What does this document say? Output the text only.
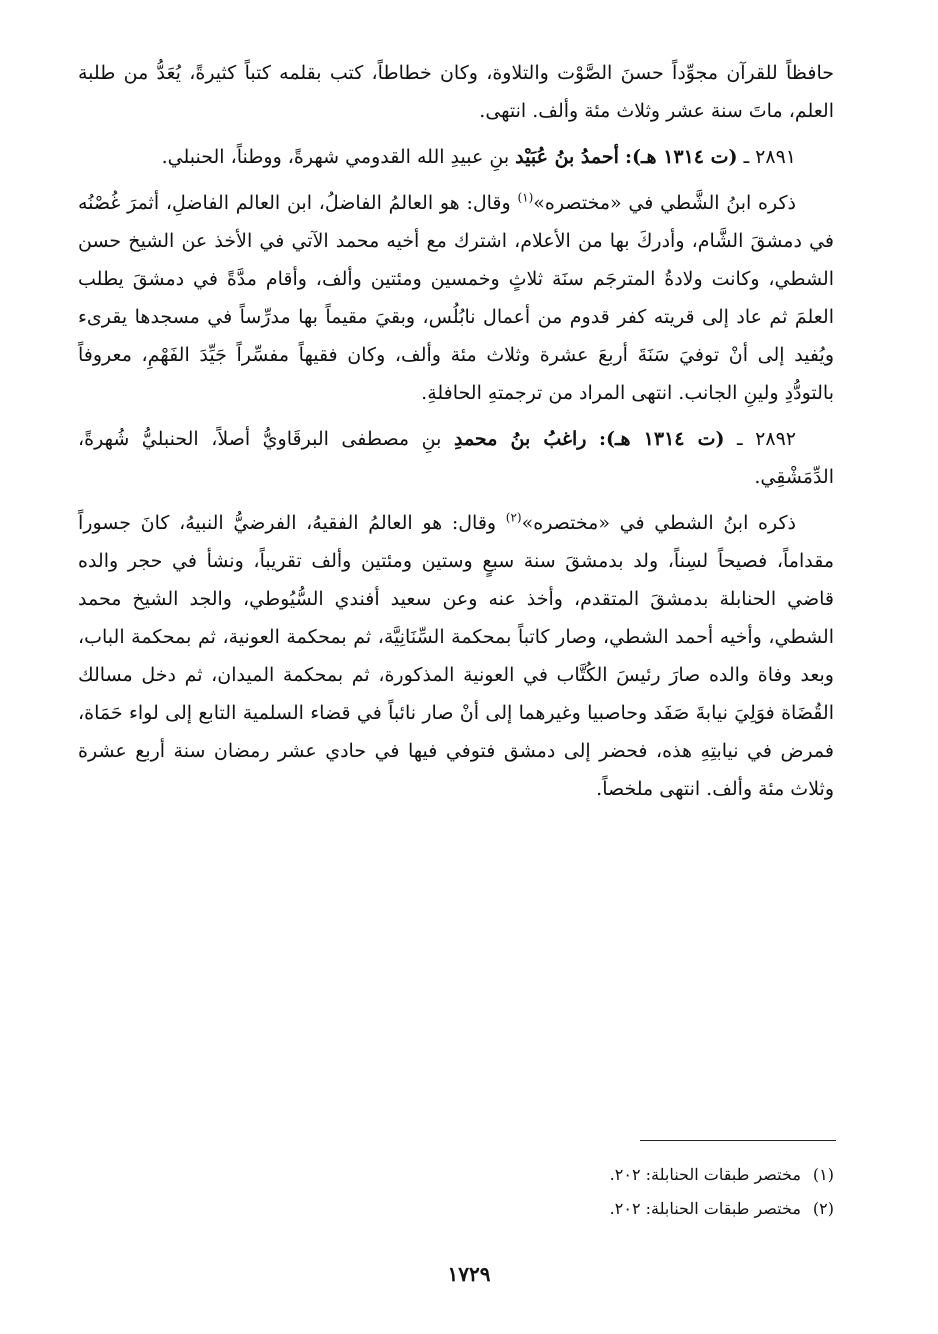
حافظاً للقرآن مجوِّداً حسنَ الصَّوْت والتلاوة، وكان خطاطاً، كتب بقلمه كتباً كثيرةً، يُعَدُّ من طلبة العلم، ماتَ سنة عشر وثلاث مئة وألف. انتهى.

٢٨٩١ ـ (ت ١٣١٤ هـ): أحمدُ بنُ عُبَيْد بنِ عبيدِ الله القدومي شهرةً، ووطناً، الحنبلي.

ذكره ابنُ الشَّطي في «مختصره»$^{(١)}$ وقال: هو العالمُ الفاضلُ، ابن العالم الفاضلِ، أثمرَ غُصْنُه في دمشقَ الشَّام، وأدركَ بها من الأعلام، اشترك مع أخيه محمد الآتي في الأخذ عن الشيخ حسن الشطي، وكانت ولادةُ المترجَم سنَة ثلاثٍ وخمسين ومئتين وألف، وأقام مدَّةً في دمشقَ يطلب العلمَ ثم عاد إلى قريته كفر قدوم من أعمال نابُلُس، وبقيَ مقيماً بها مدرِّساً في مسجدها يقرىء ويُفيد إلى أنْ توفيَ سَنَةَ أربعَ عشرة وثلاث مئة وألف، وكان فقيهاً مفسِّراً جَيِّدَ الفَهْمِ، معروفاً بالتودُّدِ ولينِ الجانب. انتهى المراد من ترجمتهِ الحافلةِ.

٢٨٩٢ ـ (ت ١٣١٤ هـ): راغبُ بنُ محمدِ بنِ مصطفى البرقَاويُّ أصلاً، الحنبليُّ شُهرةً، الدِّمَشْقِي.

ذكره ابنُ الشطي في «مختصره»$^{(٢)}$ وقال: هو العالمُ الفقيهُ، الفرضيُّ النبيهُ، كانَ جسوراً مقداماً، فصيحاً لسِناً، ولد بدمشقَ سنة سبعٍ وستين ومئتين وألف تقريباً، ونشأ في حجر والده قاضي الحنابلة بدمشقَ المتقدم، وأخذ عنه وعن سعيد أفندي السُّيُوطي، والجد الشيخ محمد الشطي، وأخيه أحمد الشطي، وصار كاتباً بمحكمة السِّنَانِيَّة، ثم بمحكمة العونية، ثم بمحكمة الباب، وبعد وفاة والده صارَ رئيسَ الكُتَّاب في العونية المذكورة، ثم بمحكمة الميدان، ثم دخل مسالك القُضَاة فوَلِيَ نيابةَ صَفَد وحاصبيا وغيرهما إلى أنْ صار نائباً في قضاء السلمية التابع إلى لواء حَمَاة، فمرض في نيابتِهِ هذه، فحضر إلى دمشق فتوفي فيها في حادي عشر رمضان سنة أربع عشرة وثلاث مئة وألف. انتهى ملخصاً.

(١)مختصر طبقات الحنابلة: ٢٠٢.
(٢)مختصر طبقات الحنابلة: ٢٠٢.
١٧٢٩
